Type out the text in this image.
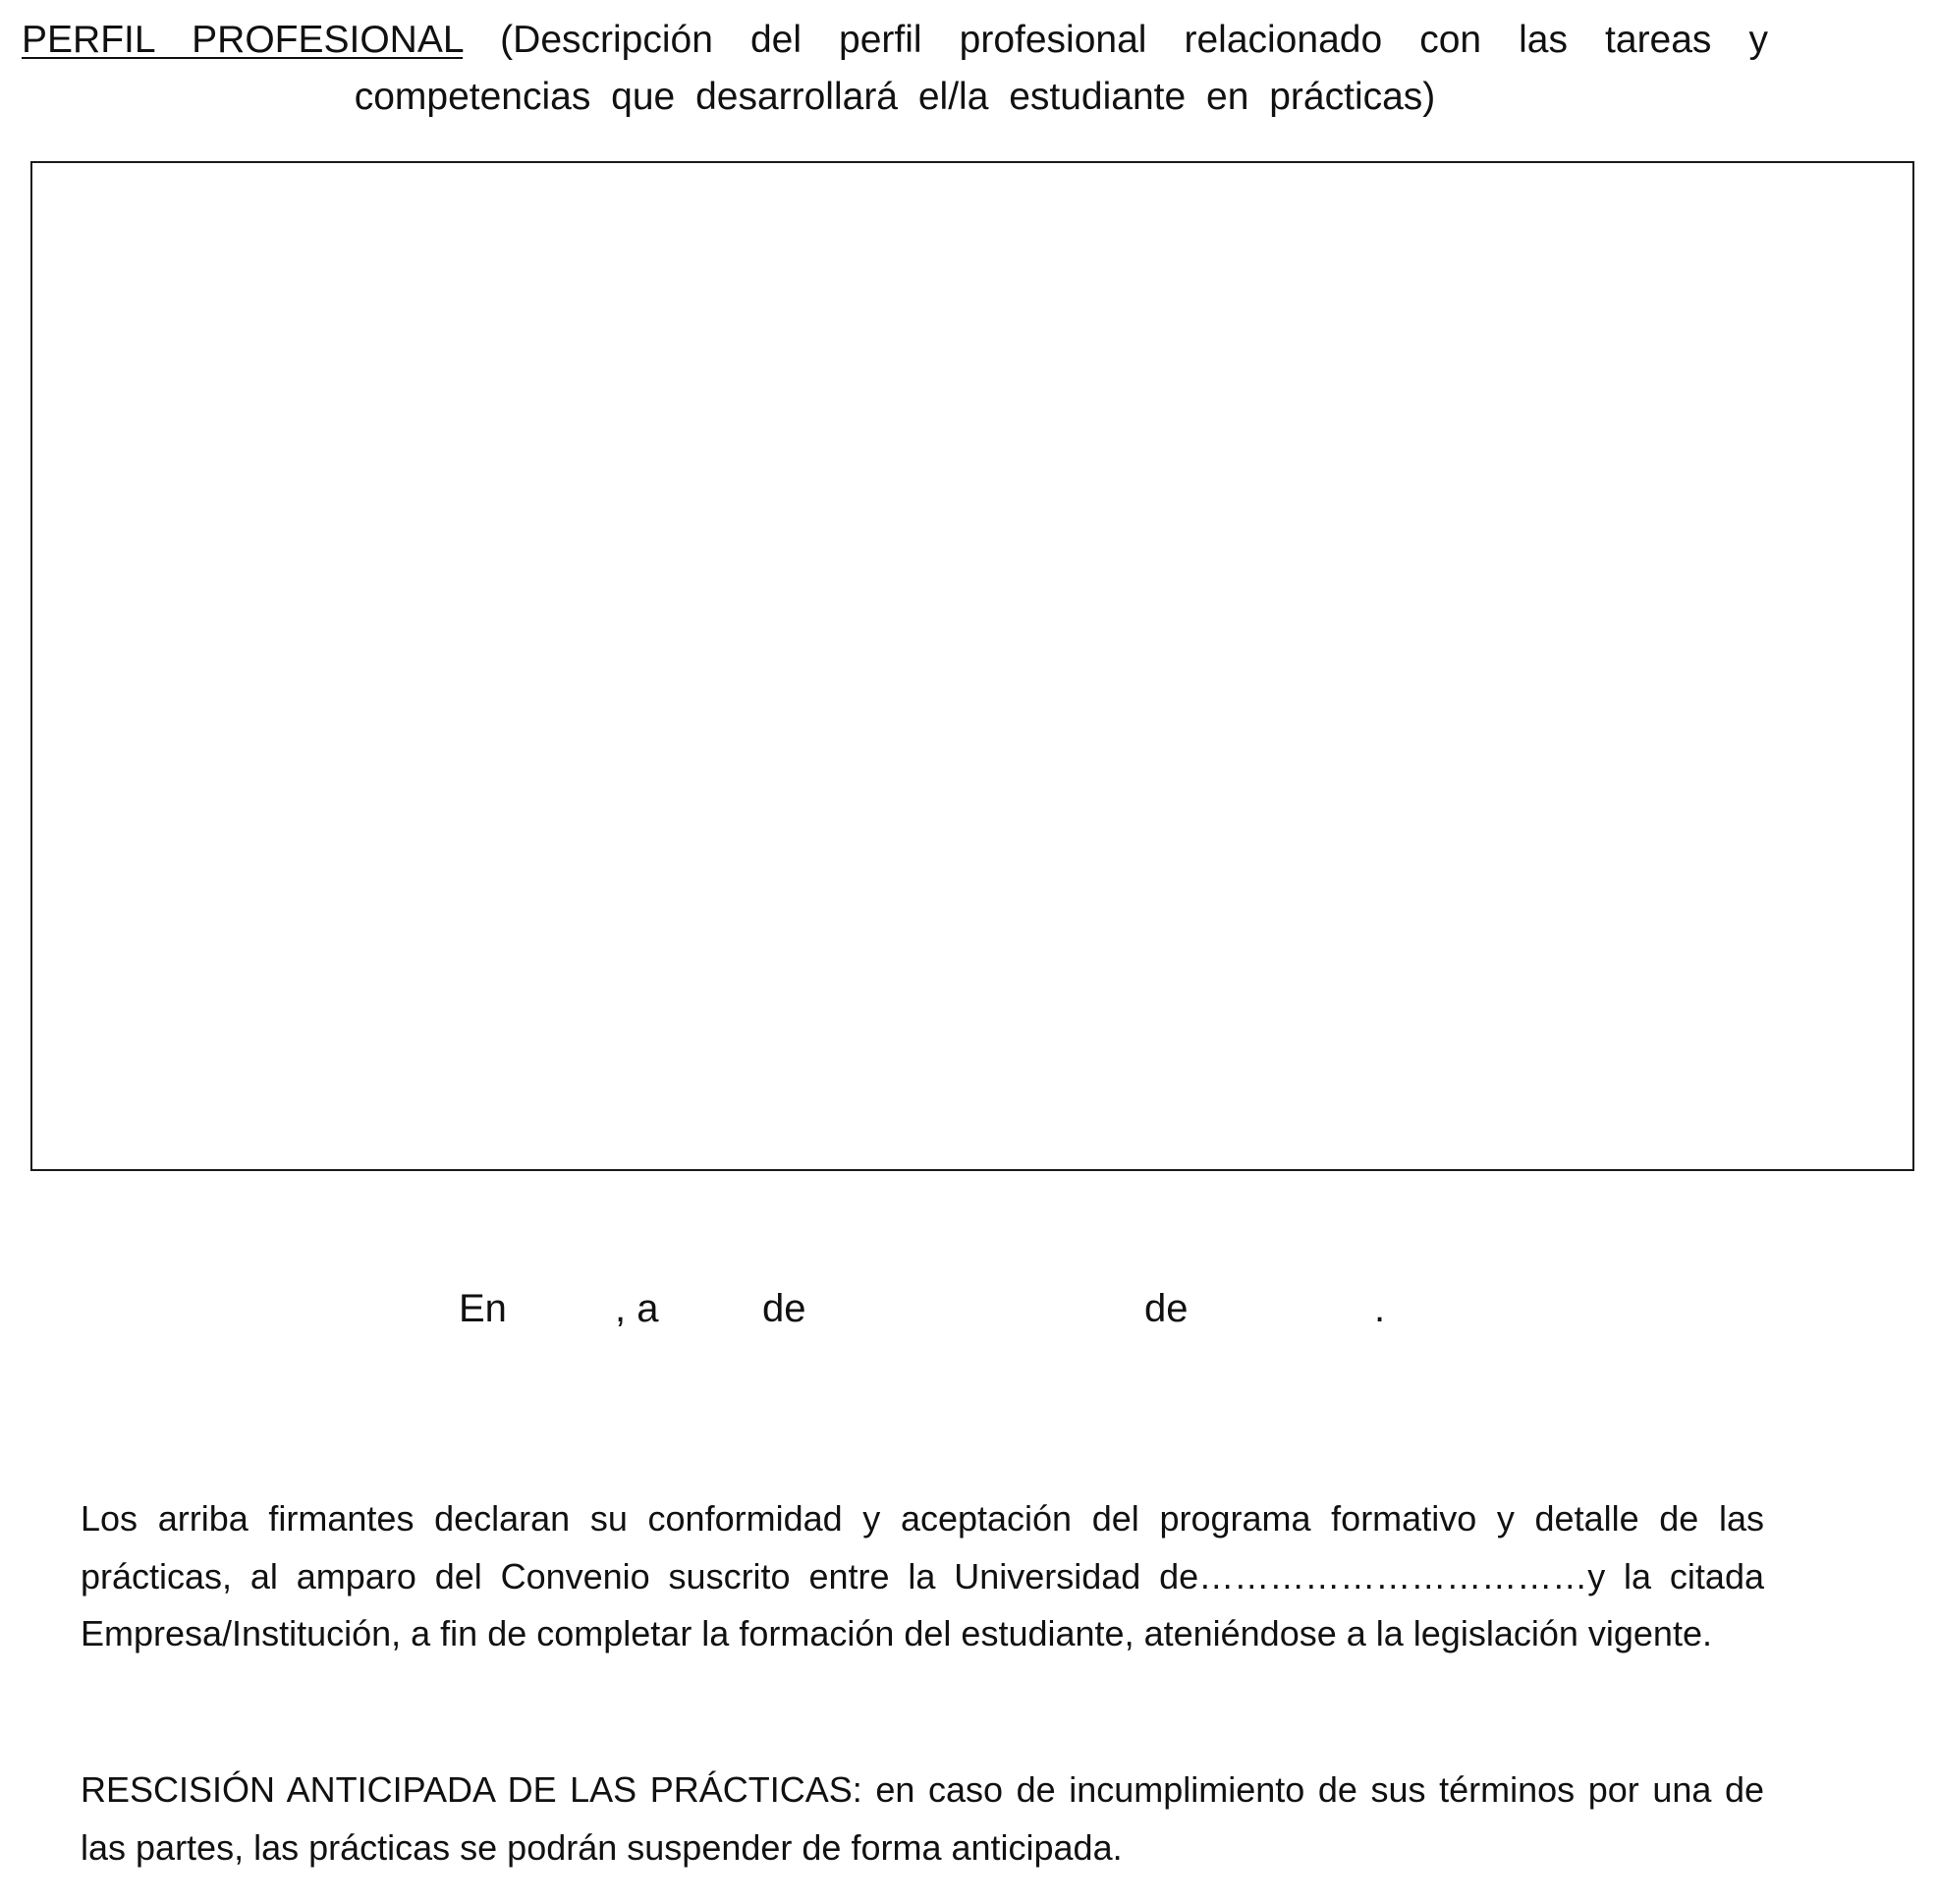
PERFIL PROFESIONAL (Descripción del perfil profesional relacionado con las tareas y competencias que desarrollará el/la estudiante en prácticas)
En	, a	de	de	.

Los arriba firmantes declaran su conformidad y aceptación del programa formativo y detalle de las prácticas, al amparo del Convenio suscrito entre la Universidad de……………………………y la citada Empresa/Institución, a fin de completar la formación del estudiante, ateniéndose a la legislación vigente.

RESCISIÓN ANTICIPADA DE LAS PRÁCTICAS: en caso de incumplimiento de sus términos por una de las partes, las prácticas se podrán suspender de forma anticipada.
